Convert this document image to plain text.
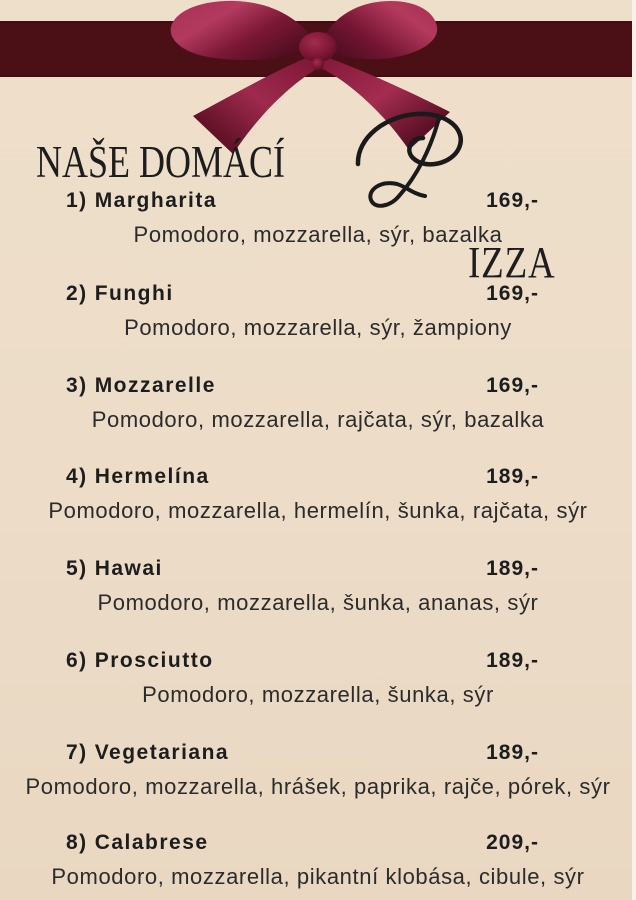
NAŠE DOMÁCÍ
IZZA
1) Margharita	169,-
Pomodoro, mozzarella, sýr, bazalka
2) Funghi	169,-
Pomodoro, mozzarella, sýr, žampiony
3) Mozzarelle	169,-
Pomodoro, mozzarella, rajčata, sýr, bazalka
4) Hermelína	189,-
Pomodoro, mozzarella, hermelín, šunka, rajčata, sýr
5) Hawai	189,-
Pomodoro, mozzarella, šunka, ananas, sýr
6) Prosciutto	189,-
Pomodoro, mozzarella, šunka, sýr
7) Vegetariana	189,-
Pomodoro, mozzarella, hrášek, paprika, rajče, pórek, sýr
8) Calabrese	209,-
Pomodoro, mozzarella, pikantní klobása, cibule, sýr
